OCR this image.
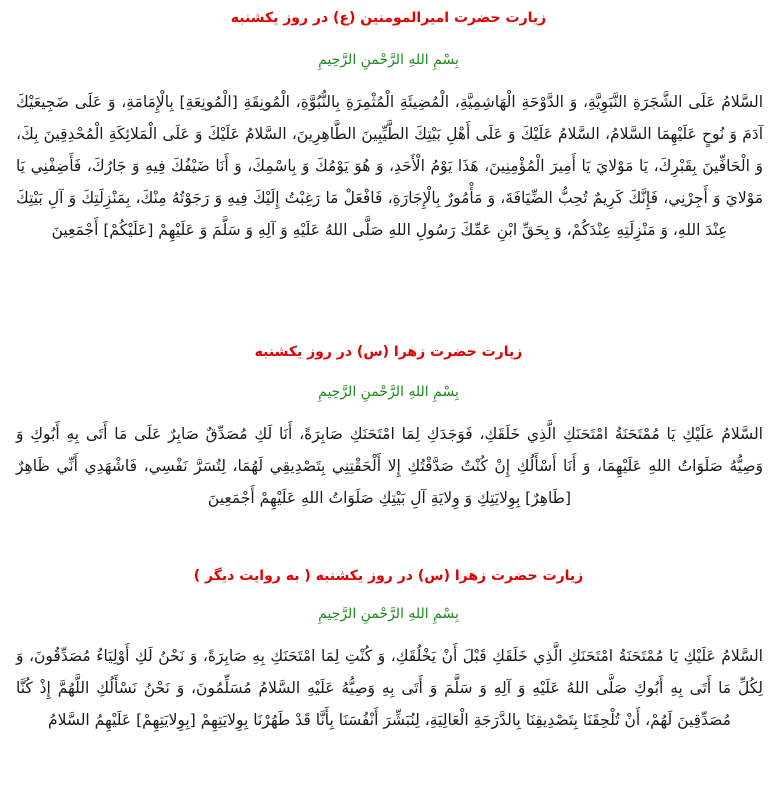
زیارت حضرت امیرالمومنین (ع) در روز یکشنبه
بِسْمِ اللهِ الرَّحْمنِ الرَّحِيمِ
السَّلامُ عَلَى الشَّجَرَةِ النَّبَوِيَّةِ، وَ الدَّوْحَةِ الْهَاشِمِيَّةِ، الْمُضِيئَةِ الْمُثْمِرَةِ بِالنُّبُوَّةِ، الْمُونِقَةِ [الْمُونِعَةِ] بِالْإِمَامَةِ، وَ عَلَى ضَجِيعَيْكَ آدَمَ وَ نُوحٍ عَلَيْهِمَا السَّلامُ، السَّلامُ عَلَيْكَ وَ عَلَى أَهْلِ بَيْتِكَ الطَّيِّبِينَ الطَّاهِرِينَ، السَّلامُ عَلَيْكَ وَ عَلَى الْمَلائِكَةِ الْمُحْدِقِينَ بِكَ، وَ الْحَافِّينَ بِقَبْرِكَ، يَا مَوْلايَ يَا أَمِيرَ الْمُؤْمِنِينَ، هَذَا يَوْمُ الْأَحَدِ، وَ هُوَ يَوْمُكَ وَ بِاسْمِكَ، وَ أَنَا ضَيْفُكَ فِيهِ وَ جَارُكَ، فَأَضِفْنِي يَا مَوْلايَ وَ أَجِرْنِي، فَإِنَّكَ كَرِيمٌ تُحِبُّ الضِّيَافَةَ، وَ مَأْمُورٌ بِالْإِجَارَةِ، فَافْعَلْ مَا رَغِبْتُ إِلَيْكَ فِيهِ وَ رَجَوْتُهُ مِنْكَ، بِمَنْزِلَتِكَ وَ آلِ بَيْتِكَ عِنْدَ اللهِ، وَ مَنْزِلَتِهِ عِنْدَكُمْ، وَ بِحَقِّ ابْنِ عَمِّكَ رَسُولِ اللهِ صَلَّى اللهُ عَلَيْهِ وَ آلِهِ وَ سَلَّمَ وَ عَلَيْهِمْ [عَلَيْكُمْ] أَجْمَعِينَ
زیارت حضرت زهرا (س) در روز یکشنبه
بِسْمِ اللهِ الرَّحْمنِ الرَّحِيمِ
السَّلامُ عَلَيْكِ يَا مُمْتَحَنَةُ امْتَحَنَكِ الَّذِي خَلَقَكِ، فَوَجَدَكِ لِمَا امْتَحَنَكِ صَابِرَةً، أَنَا لَكِ مُصَدِّقٌ صَابِرٌ عَلَى مَا أَتَى بِهِ أَبُوكِ وَ وَصِيُّهُ صَلَوَاتُ اللهِ عَلَيْهِمَا، وَ أَنَا أَسْأَلُكِ إِنْ كُنْتُ صَدَّقْتُكِ إِلا أَلْحَقْتِنِي بِتَصْدِيقِي لَهُمَا، لِتُسَرَّ نَفْسِي، فَاشْهَدِي أَنِّي ظَاهِرٌ [طَاهِرٌ] بِوِلايَتِكِ وَ وِلايَةِ آلِ بَيْتِكِ صَلَوَاتُ اللهِ عَلَيْهِمْ أَجْمَعِينَ
زیارت حضرت زهرا (س) در روز یکشنبه ( به روایت دیگر )
بِسْمِ اللهِ الرَّحْمنِ الرَّحِيمِ
السَّلامُ عَلَيْكِ يَا مُمْتَحَنَةُ امْتَحَنَكِ الَّذِي خَلَقَكِ قَبْلَ أَنْ يَخْلُقَكِ، وَ كُنْتِ لِمَا امْتَحَنَكِ بِهِ صَابِرَةً، وَ نَحْنُ لَكِ أَوْلِيَاءُ مُصَدِّقُونَ، وَ لِكُلِّ مَا أَتَى بِهِ أَبُوكِ صَلَّى اللهُ عَلَيْهِ وَ آلِهِ وَ سَلَّمَ وَ أَتَى بِهِ وَصِيُّهُ عَلَيْهِ السَّلامُ مُسَلِّمُونَ، وَ نَحْنُ نَسْأَلُكِ اللَّهُمَّ إِذْ كُنَّا مُصَدِّقِينَ لَهُمْ، أَنْ تُلْحِقَنَا بِتَصْدِيقِنَا بِالدَّرَجَةِ الْعَالِيَةِ، لِنُبَشِّرَ أَنْفُسَنَا بِأَنَّا قَدْ طَهُرْنَا بِوِلايَتِهِمْ [بِوِلايَتِهِمْ] عَلَيْهِمُ السَّلامُ
